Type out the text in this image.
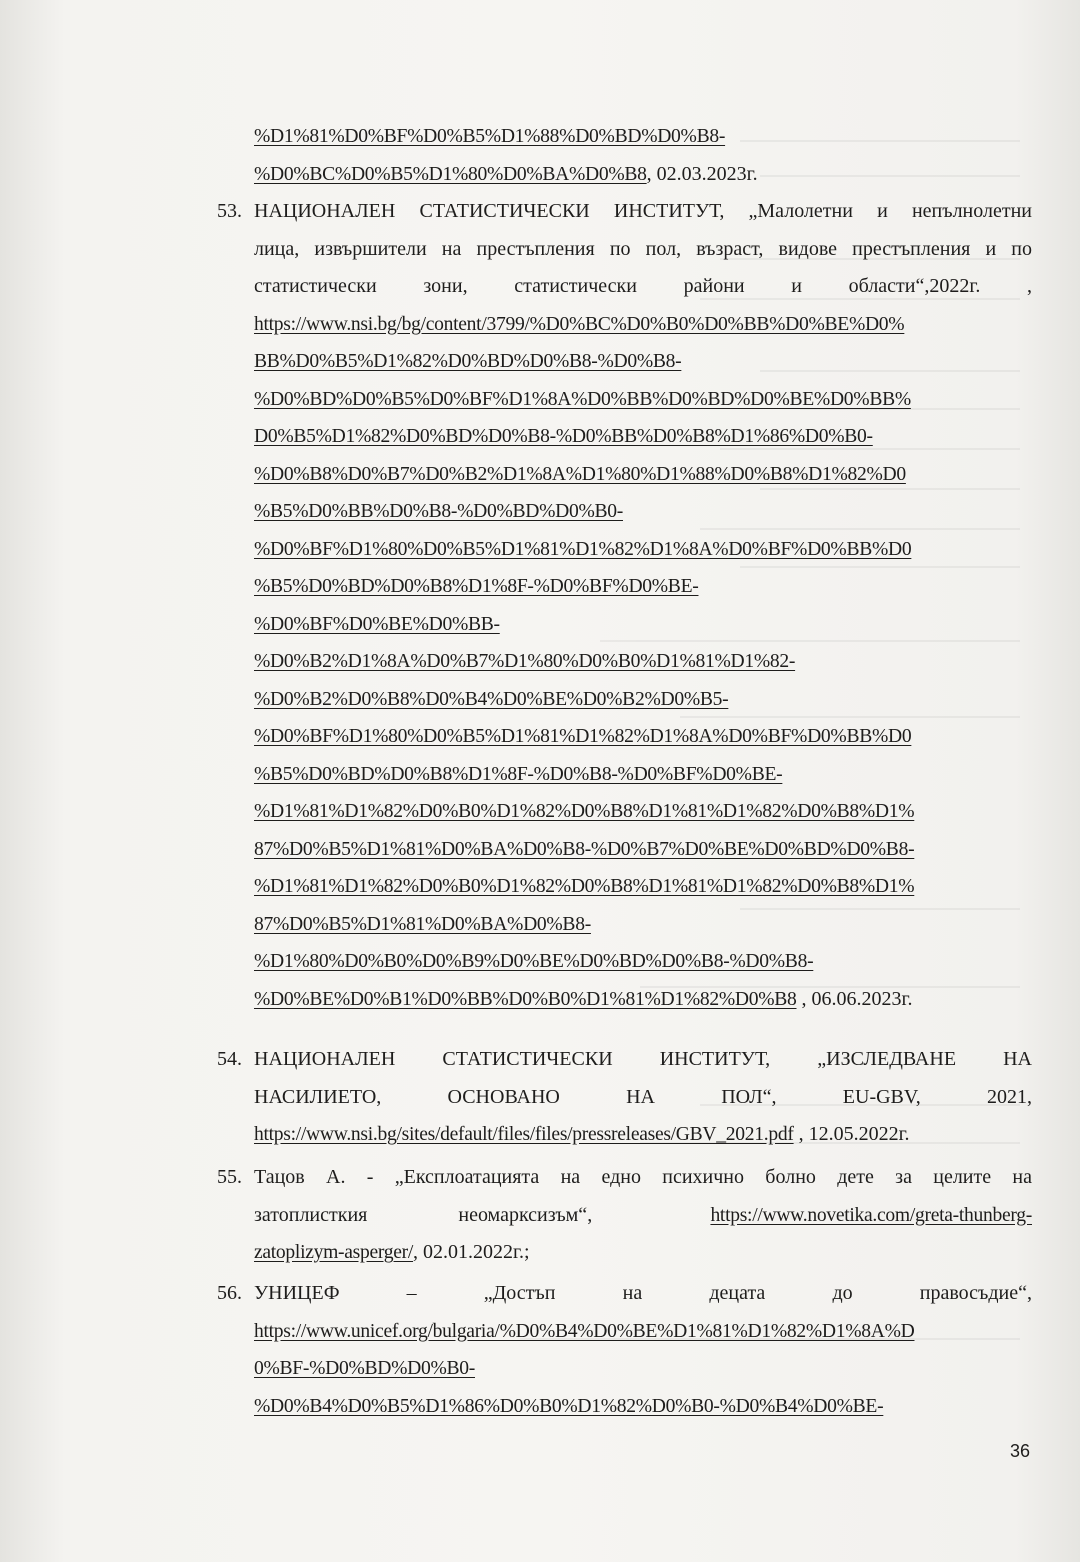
%D1%81%D0%BF%D0%B5%D1%88%D0%BD%D0%B8-
%D0%BC%D0%B5%D1%80%D0%BA%D0%B8, 02.03.2023г.
53. НАЦИОНАЛЕН СТАТИСТИЧЕСКИ ИНСТИТУТ, „Малолетни и непълнолетни
лица, извършители на престъпления по пол, възраст, видове престъпления и по
статистически зони, статистически райони и области“,2022г. ,
https://www.nsi.bg/bg/content/3799/%D0%BC%D0%B0%D0%BB%D0%BE%D0%
BB%D0%B5%D1%82%D0%BD%D0%B8-%D0%B8-
%D0%BD%D0%B5%D0%BF%D1%8A%D0%BB%D0%BD%D0%BE%D0%BB%
D0%B5%D1%82%D0%BD%D0%B8-%D0%BB%D0%B8%D1%86%D0%B0-
%D0%B8%D0%B7%D0%B2%D1%8A%D1%80%D1%88%D0%B8%D1%82%D0
%B5%D0%BB%D0%B8-%D0%BD%D0%B0-
%D0%BF%D1%80%D0%B5%D1%81%D1%82%D1%8A%D0%BF%D0%BB%D0
%B5%D0%BD%D0%B8%D1%8F-%D0%BF%D0%BE-
%D0%BF%D0%BE%D0%BB-
%D0%B2%D1%8A%D0%B7%D1%80%D0%B0%D1%81%D1%82-
%D0%B2%D0%B8%D0%B4%D0%BE%D0%B2%D0%B5-
%D0%BF%D1%80%D0%B5%D1%81%D1%82%D1%8A%D0%BF%D0%BB%D0
%B5%D0%BD%D0%B8%D1%8F-%D0%B8-%D0%BF%D0%BE-
%D1%81%D1%82%D0%B0%D1%82%D0%B8%D1%81%D1%82%D0%B8%D1%
87%D0%B5%D1%81%D0%BA%D0%B8-%D0%B7%D0%BE%D0%BD%D0%B8-
%D1%81%D1%82%D0%B0%D1%82%D0%B8%D1%81%D1%82%D0%B8%D1%
87%D0%B5%D1%81%D0%BA%D0%B8-
%D1%80%D0%B0%D0%B9%D0%BE%D0%BD%D0%B8-%D0%B8-
%D0%BE%D0%B1%D0%BB%D0%B0%D1%81%D1%82%D0%B8 , 06.06.2023г.
54. НАЦИОНАЛЕН СТАТИСТИЧЕСКИ ИНСТИТУТ, „ИЗСЛЕДВАНЕ НА
НАСИЛИЕТО, ОСНОВАНО НА ПОЛ“, EU-GBV, 2021,
https://www.nsi.bg/sites/default/files/files/pressreleases/GBV_2021.pdf , 12.05.2022г.
55. Тацов А. - „Експлоатацията на едно психично болно дете за целите на
затоплисткия неомарксизъм“,	https://www.novetika.com/greta-thunberg-
zatoplizym-asperger/, 02.01.2022г.;
56. УНИЦЕФ – „Достъп на децата до правосъдие“,
https://www.unicef.org/bulgaria/%D0%B4%D0%BE%D1%81%D1%82%D1%8A%D
0%BF-%D0%BD%D0%B0-
%D0%B4%D0%B5%D1%86%D0%B0%D1%82%D0%B0-%D0%B4%D0%BE-
36
